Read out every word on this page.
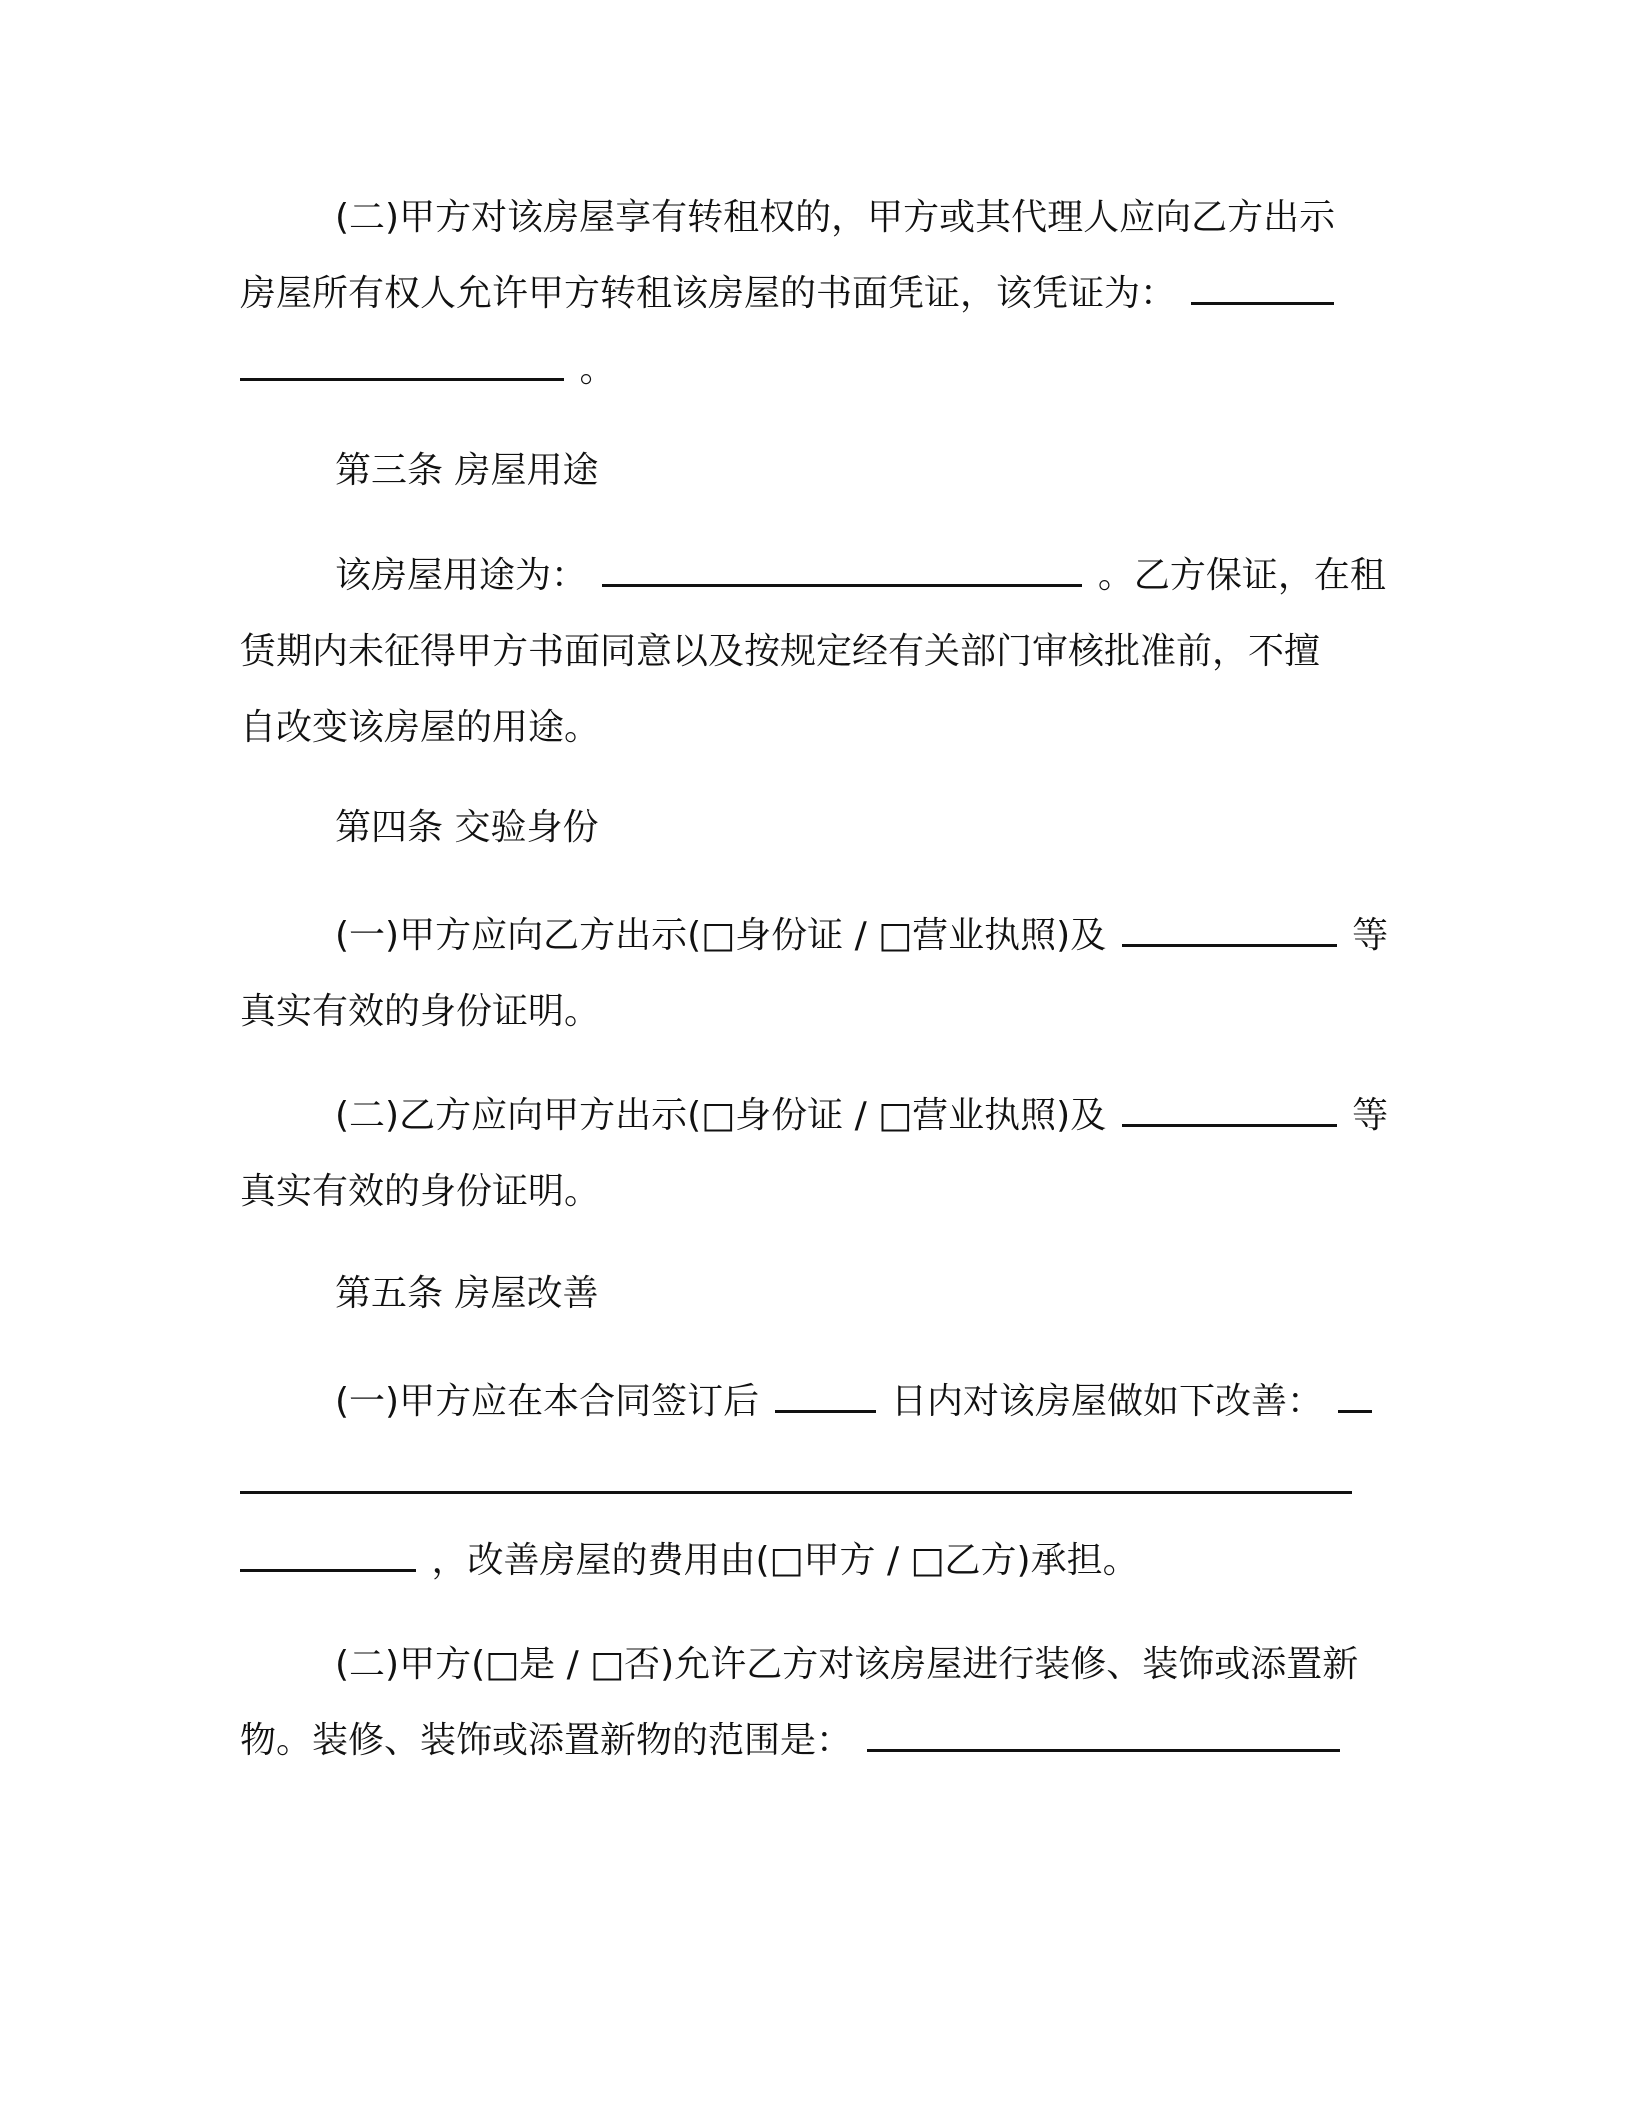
(二)甲方对该房屋享有转租权的，甲方或其代理人应向乙方出示
房屋所有权人允许甲方转租该房屋的书面凭证，该凭证为：
。
第三条 房屋用途
该房屋用途为：	。乙方保证，在租
赁期内未征得甲方书面同意以及按规定经有关部门审核批准前，不擅
自改变该房屋的用途。
第四条 交验身份
(一)甲方应向乙方出示(□身份证 / □营业执照)及	等
真实有效的身份证明。
(二)乙方应向甲方出示(□身份证 / □营业执照)及	等
真实有效的身份证明。
第五条 房屋改善
(一)甲方应在本合同签订后	日内对该房屋做如下改善：
，改善房屋的费用由(□甲方 / □乙方)承担。
(二)甲方(□是 / □否)允许乙方对该房屋进行装修、装饰或添置新
物。装修、装饰或添置新物的范围是：
